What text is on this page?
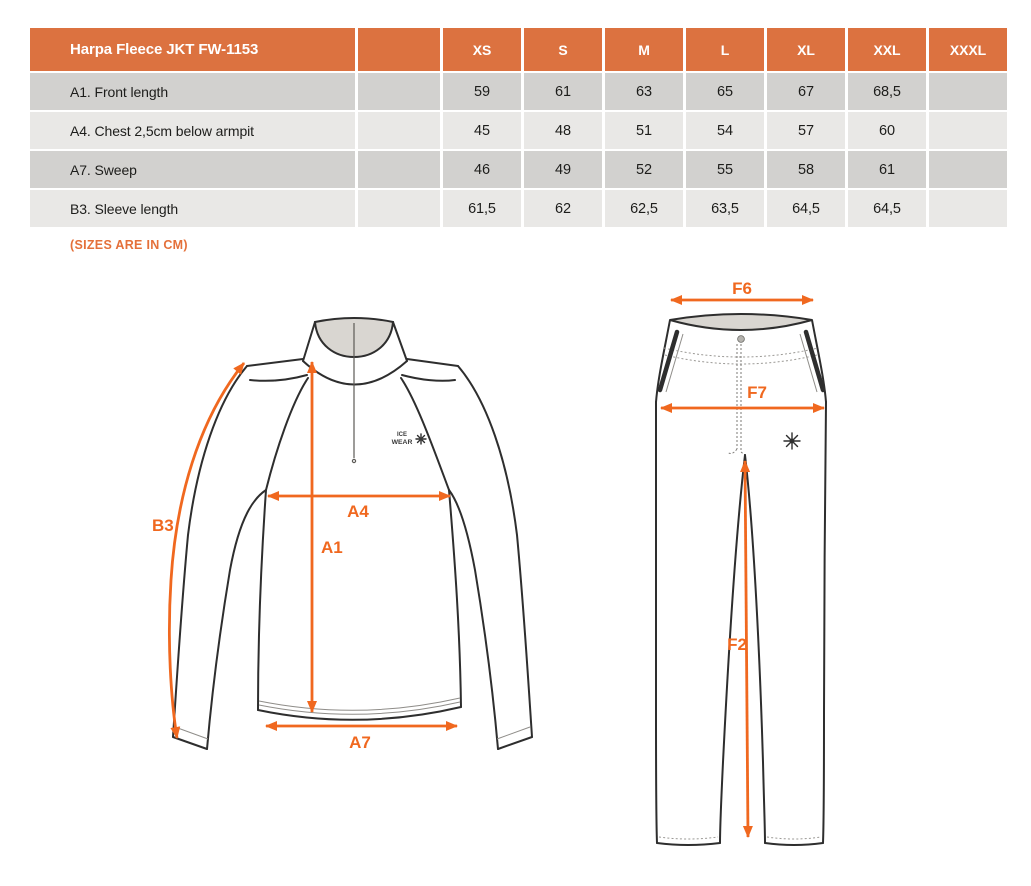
Harpa Fleece JKT FW-1153	XS	S	M	L	XL	XXL	XXXL
A1. Front length	59	61	63	65	67	68,5
A4. Chest 2,5cm below armpit	45	48	51	54	57	60
A7. Sweep	46	49	52	55	58	61
B3. Sleeve length	61,5	62	62,5	63,5	64,5	64,5
(SIZES ARE IN CM)
ICE
WEAR
B3
A1
A4
A7
F6
F7
F2
